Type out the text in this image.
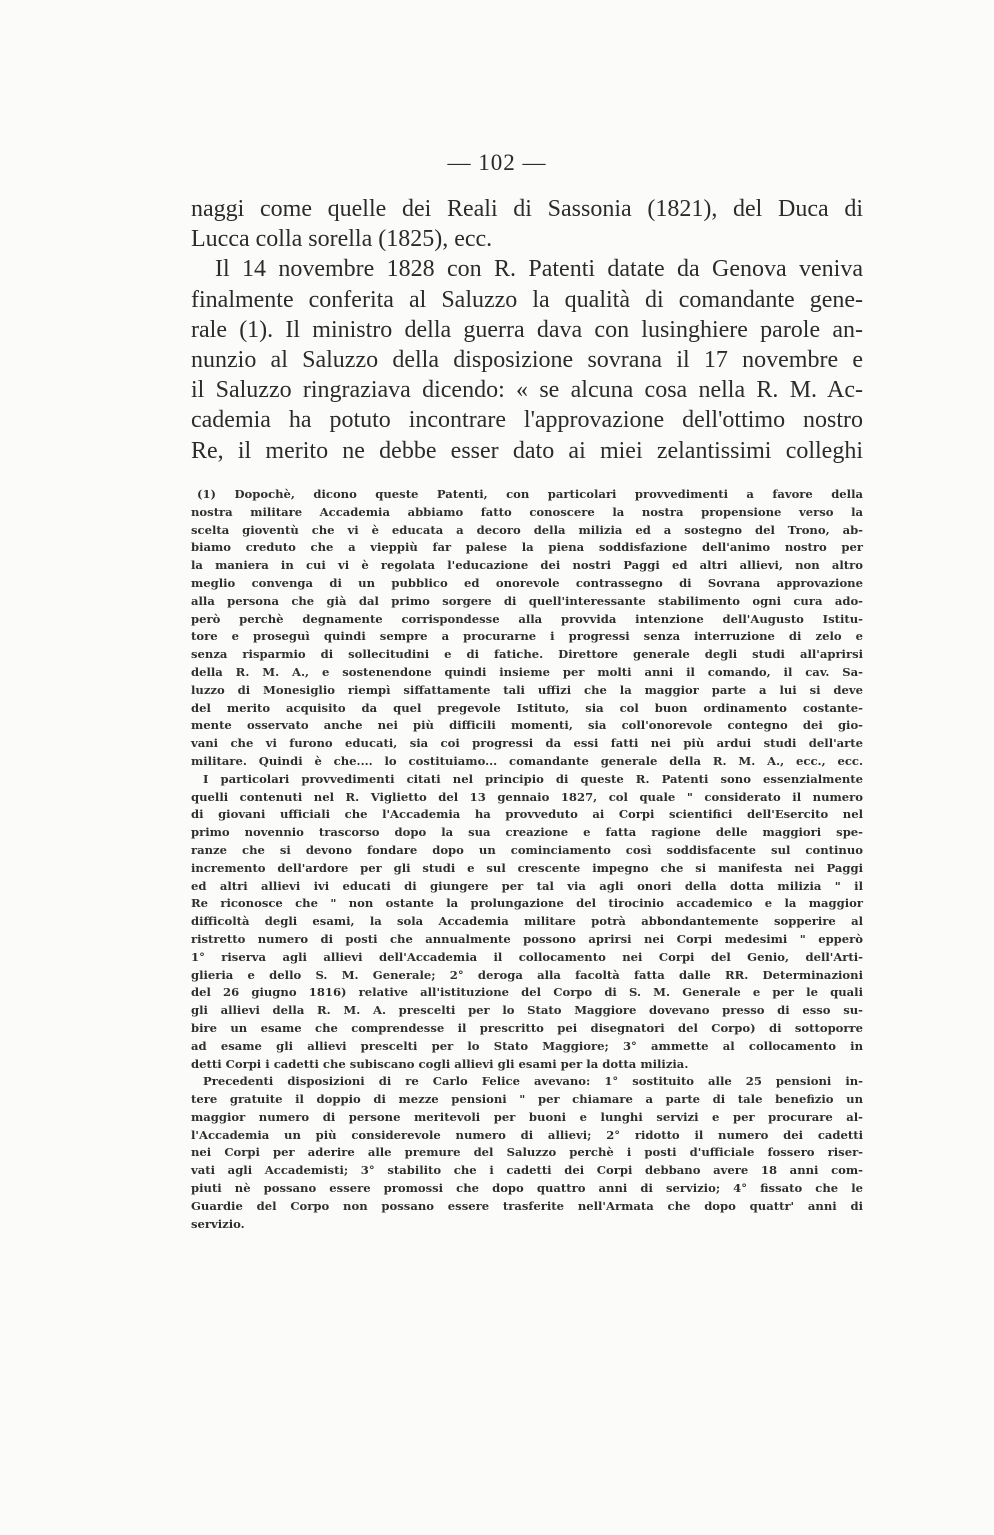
— 102 —
naggi come quelle dei Reali di Sassonia (1821), del Duca di
Lucca colla sorella (1825), ecc.
Il 14 novembre 1828 con R. Patenti datate da Genova veniva
finalmente conferita al Saluzzo la qualità di comandante gene-
rale (1). Il ministro della guerra dava con lusinghiere parole an-
nunzio al Saluzzo della disposizione sovrana il 17 novembre e
il Saluzzo ringraziava dicendo: « se alcuna cosa nella R. M. Ac-
cademia ha potuto incontrare l'approvazione dell'ottimo nostro
Re, il merito ne debbe esser dato ai miei zelantissimi colleghi
(1) Dopochè, dicono queste Patenti, con particolari provvedimenti a favore della
nostra militare Accademia abbiamo fatto conoscere la nostra propensione verso la
scelta gioventù che vi è educata a decoro della milizia ed a sostegno del Trono, ab-
biamo creduto che a vieppiù far palese la piena soddisfazione dell'animo nostro per
la maniera in cui vi è regolata l'educazione dei nostri Paggi ed altri allievi, non altro
meglio convenga di un pubblico ed onorevole contrassegno di Sovrana approvazione
alla persona che già dal primo sorgere di quell'interessante stabilimento ogni cura ado-
però perchè degnamente corrispondesse alla provvida intenzione dell'Augusto Istitu-
tore e proseguì quindi sempre a procurarne i progressi senza interruzione di zelo e
senza risparmio di sollecitudini e di fatiche. Direttore generale degli studi all'aprirsi
della R. M. A., e sostenendone quindi insieme per molti anni il comando, il cav. Sa-
luzzo di Monesiglio riempì siffattamente tali uffizi che la maggior parte a lui si deve
del merito acquisito da quel pregevole Istituto, sia col buon ordinamento costante-
mente osservato anche nei più difficili momenti, sia coll'onorevole contegno dei gio-
vani che vi furono educati, sia coi progressi da essi fatti nei più ardui studi dell'arte
militare. Quindi è che.... lo costituiamo... comandante generale della R. M. A., ecc., ecc.
I particolari provvedimenti citati nel principio di queste R. Patenti sono essenzialmente
quelli contenuti nel R. Viglietto del 13 gennaio 1827, col quale " considerato il numero
di giovani ufficiali che l'Accademia ha provveduto ai Corpi scientifici dell'Esercito nel
primo novennio trascorso dopo la sua creazione e fatta ragione delle maggiori spe-
ranze che si devono fondare dopo un cominciamento così soddisfacente sul continuo
incremento dell'ardore per gli studi e sul crescente impegno che si manifesta nei Paggi
ed altri allievi ivi educati di giungere per tal via agli onori della dotta milizia " il
Re riconosce che " non ostante la prolungazione del tirocinio accademico e la maggior
difficoltà degli esami, la sola Accademia militare potrà abbondantemente sopperire al
ristretto numero di posti che annualmente possono aprirsi nei Corpi medesimi " epperò
1° riserva agli allievi dell'Accademia il collocamento nei Corpi del Genio, dell'Arti-
glieria e dello S. M. Generale; 2° deroga alla facoltà fatta dalle RR. Determinazioni
del 26 giugno 1816) relative all'istituzione del Corpo di S. M. Generale e per le quali
gli allievi della R. M. A. prescelti per lo Stato Maggiore dovevano presso di esso su-
bire un esame che comprendesse il prescritto pei disegnatori del Corpo) di sottoporre
ad esame gli allievi prescelti per lo Stato Maggiore; 3° ammette al collocamento in
detti Corpi i cadetti che subiscano cogli allievi gli esami per la dotta milizia.
Precedenti disposizioni di re Carlo Felice avevano: 1° sostituito alle 25 pensioni in-
tere gratuite il doppio di mezze pensioni " per chiamare a parte di tale benefizio un
maggior numero di persone meritevoli per buoni e lunghi servizi e per procurare al-
l'Accademia un più considerevole numero di allievi; 2° ridotto il numero dei cadetti
nei Corpi per aderire alle premure del Saluzzo perchè i posti d'ufficiale fossero riser-
vati agli Accademisti; 3° stabilito che i cadetti dei Corpi debbano avere 18 anni com-
piuti nè possano essere promossi che dopo quattro anni di servizio; 4° fissato che le
Guardie del Corpo non possano essere trasferite nell'Armata che dopo quattr' anni di
servizio.
